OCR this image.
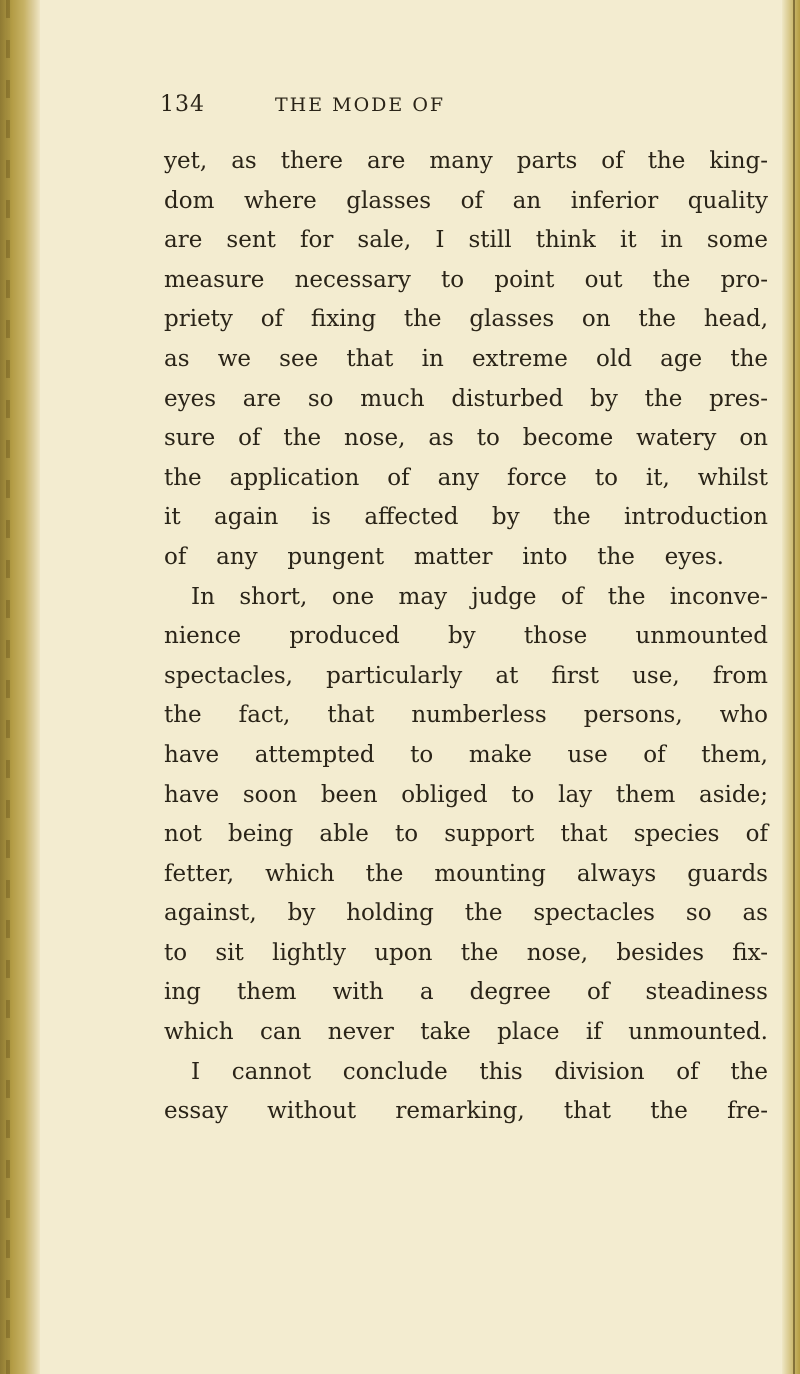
134	THE MODE OF
yet, as there are many parts of the king-
dom where glasses of an inferior quality
are sent for sale, I still think it in some
measure necessary to point out the pro-
priety of fixing the glasses on the head,
as we see that in extreme old age the
eyes are so much disturbed by the pres-
sure of the nose, as to become watery on
the application of any force to it, whilst
it again is affected by the introduction
of any pungent matter into the eyes.
In short, one may judge of the inconve-
nience produced by those unmounted
spectacles, particularly at first use, from
the fact, that numberless persons, who
have attempted to make use of them,
have soon been obliged to lay them aside;
not being able to support that species of
fetter, which the mounting always guards
against, by holding the spectacles so as
to sit lightly upon the nose, besides fix-
ing them with a degree of steadiness
which can never take place if unmounted.
I cannot conclude this division of the
essay without remarking, that the fre-
